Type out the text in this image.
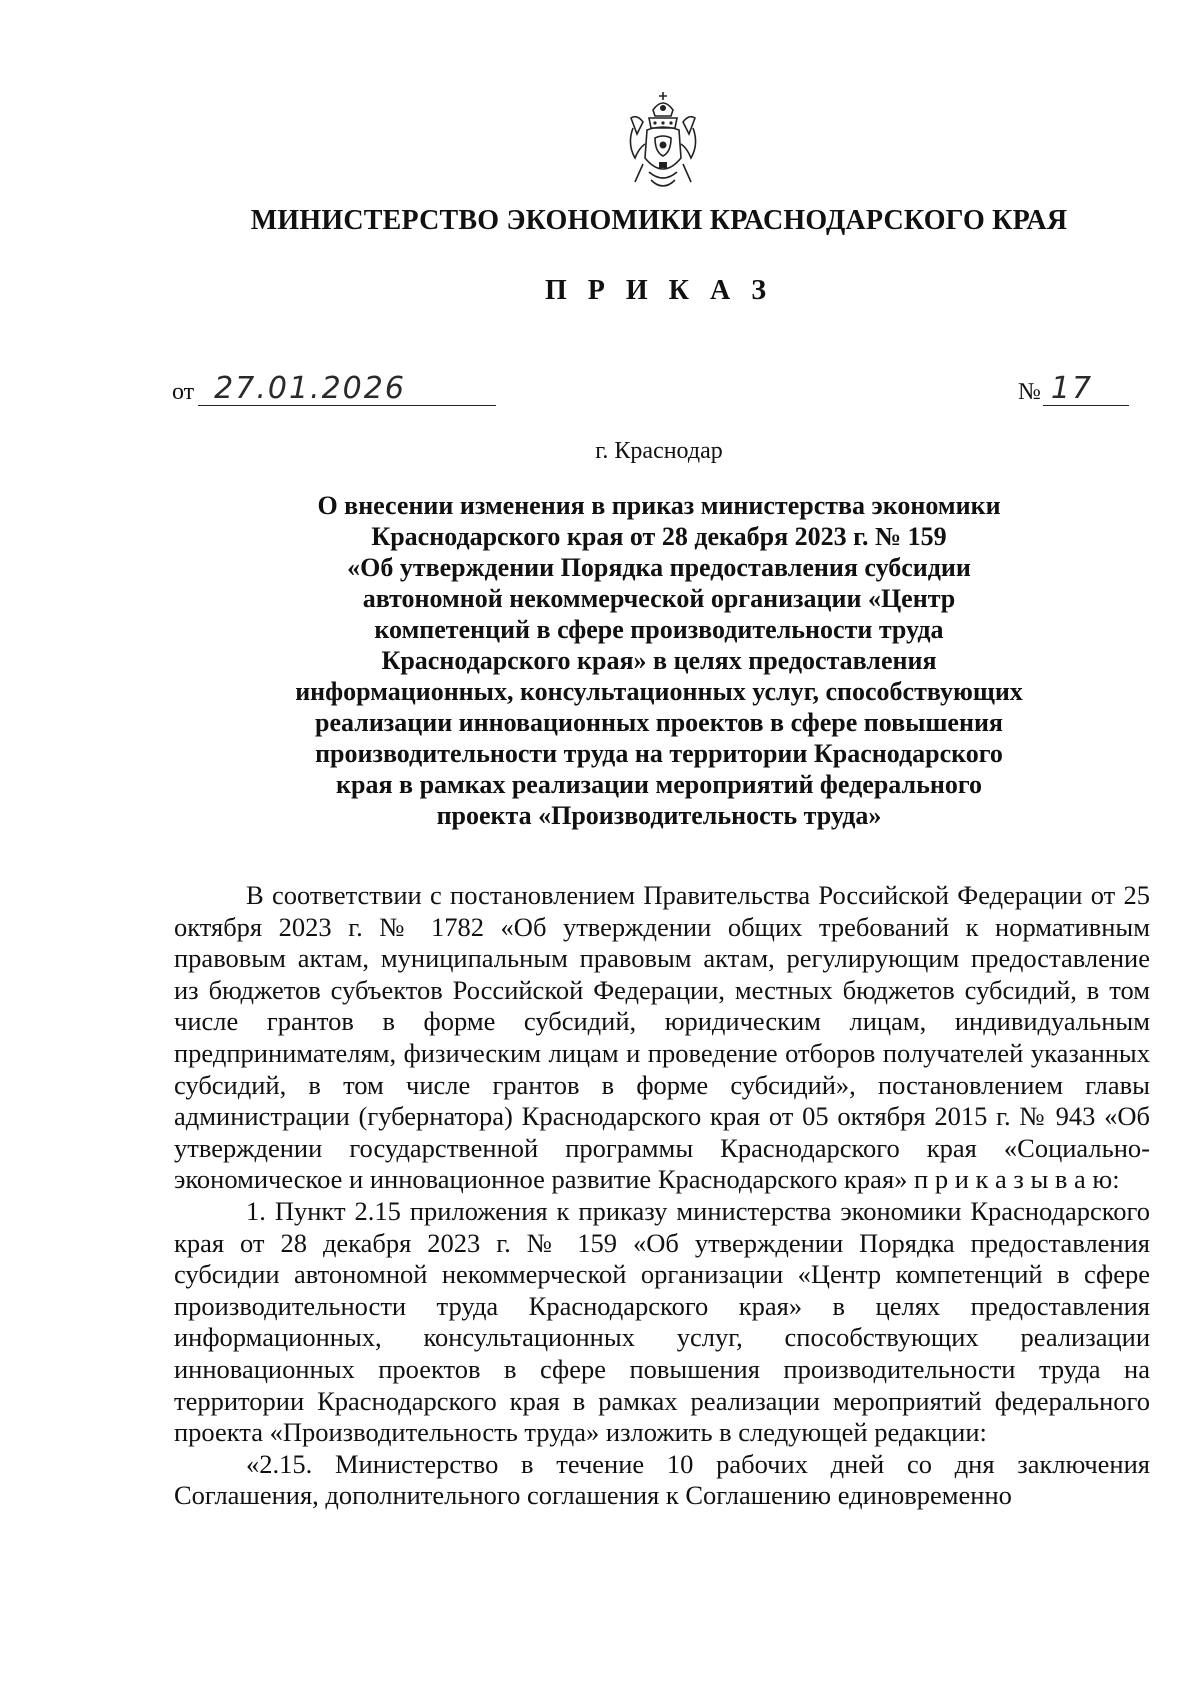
МИНИСТЕРСТВО ЭКОНОМИКИ КРАСНОДАРСКОГО КРАЯ
П Р И К А З
от 27.01.2026	№ 17
г. Краснодар
О внесении изменения в приказ министерства экономики
Краснодарского края от 28 декабря 2023 г. № 159
«Об утверждении Порядка предоставления субсидии
автономной некоммерческой организации «Центр
компетенций в сфере производительности труда
Краснодарского края» в целях предоставления
информационных, консультационных услуг, способствующих
реализации инновационных проектов в сфере повышения
производительности труда на территории Краснодарского
края в рамках реализации мероприятий федерального
проекта «Производительность труда»

В соответствии с постановлением Правительства Российской Федерации от 25 октября 2023 г. № 1782 «Об утверждении общих требований к нормативным правовым актам, муниципальным правовым актам, регулирующим предоставление из бюджетов субъектов Российской Федерации, местных бюджетов субсидий, в том числе грантов в форме субсидий, юридическим лицам, индивидуальным предпринимателям, физическим лицам и проведение отборов получателей указанных субсидий, в том числе грантов в форме субсидий», постановлением главы администрации (губернатора) Краснодарского края от 05 октября 2015 г. № 943 «Об утверждении государственной программы Краснодарского края «Социально-экономическое и инновационное развитие Краснодарского края» п р и к а з ы в а ю:

1. Пункт 2.15 приложения к приказу министерства экономики Краснодарского края от 28 декабря 2023 г. № 159 «Об утверждении Порядка предоставления субсидии автономной некоммерческой организации «Центр компетенций в сфере производительности труда Краснодарского края» в целях предоставления информационных, консультационных услуг, способствующих реализации инновационных проектов в сфере повышения производительности труда на территории Краснодарского края в рамках реализации мероприятий федерального проекта «Производительность труда» изложить в следующей редакции:

«2.15. Министерство в течение 10 рабочих дней со дня заключения Соглашения, дополнительного соглашения к Соглашению единовременно
